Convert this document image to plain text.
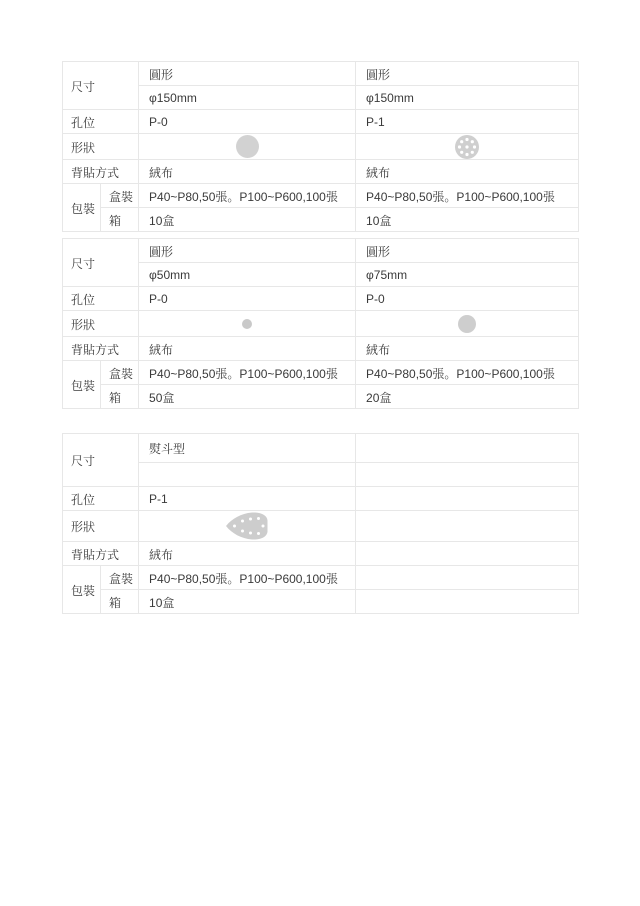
尺寸		圓形	圓形
		φ150mm	φ150mm
孔位		P-0	P-1
形狀		
背貼方式		絨布	絨布
包裝	盒裝	P40~P80,50張。P100~P600,100張	P40~P80,50張。P100~P600,100張
	箱	10盒	10盒
尺寸		圓形	圓形
		φ50mm	φ75mm
孔位		P-0	P-0
形狀		
背貼方式		絨布	絨布
包裝	盒裝	P40~P80,50張。P100~P600,100張	P40~P80,50張。P100~P600,100張
	箱	50盒	20盒
尺寸		熨斗型	

孔位		P-1	
形狀		
背貼方式		絨布	
包裝	盒裝	P40~P80,50張。P100~P600,100張	
	箱	10盒	
